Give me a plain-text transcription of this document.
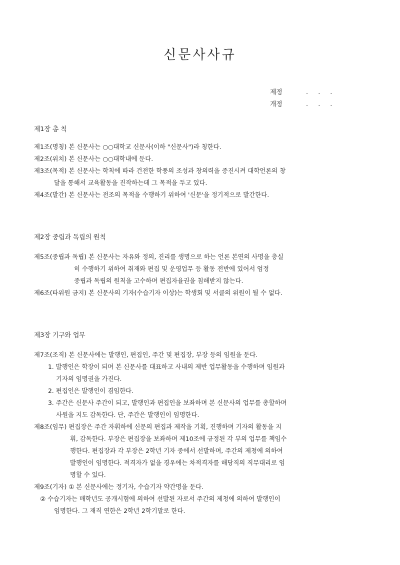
신문사사규
제정	. . .
개정	. . .
제1장 총 칙
제1조(명칭) 본 신문사는 ○○대학교 신문사(이하 "신문사")라 칭한다.
제2조(위치) 본 신문사는 ○○대학내에 둔다.
제3조(목적) 본 신문사는 학칙에 따라 건전한 학풍의 조성과 창의력을 증진시켜 대학언론의 창
달을 통해서 교육활동을 진작하는데 그 목적을 두고 있다.
제4조(발간) 본 신문사는 전조의 목적을 수행하기 위하여 '신문'을 정기적으로 발간한다.
제2장 중립과 독립의 원칙
제5조(중립과 독립) 본 신문사는 자유와 정의, 진리를 생명으로 하는 언론 본연의 사명을 충실
히 수행하기 위하여 취재와 편집 및 운영업무 등 활동 전반에 있어서 엄정
중립과 독립의 원칙을 고수하며 편집자율권을 침해받지 않는다.
제6조(타위원 금지) 본 신문사의 기자(수습기자 이상)는 학생회 및 서클의 위원이 될 수 없다.
제3장 기구와 업무
제7조(조직) 본 신문사에는 발행인, 편집인, 주간 및 편집장, 부장 등의 임원을 둔다.
1. 발행인은 학장이 되며 본 신문사를 대표하고 사내의 제반 업무활동을 수행하며 임원과
기자의 임명권을 가진다.
2. 편집인은 발행인이 겸임한다.
3. 주간은 신문사 주간이 되고, 발행인과 편집인을 보좌하며 본 신문사의 업무를 총할하며
사원을 지도 감독한다. 단, 주간은 발행인이 임명한다.
제8조(임무) 편집장은 주간 자휘하에 신문의 편집과 제작을 기획, 진행하며 기자의 활동을 지
휘, 감독한다. 부장은 편집장을 보좌하며 제10조에 규정된 각 부의 업무를 책임수
행한다. 편집장과 각 부장은 2학년 기자 중에서 선발하며, 주간의 제청에 의하여
발행인이 임명한다. 적격자가 없을 경우에는 차적격자를 해당직의 직무대리로 임
명할 수 있다.
제9조(기자) ① 본 신문사에는 정기자, 수습기자 약간명을 둔다.
② 수습기자는 매학년도 공개시험에 의하여 선발된 자로서 주간의 제청에 의하여 발행인이
임명한다. 그 재직 연한은 2학년 2학기말로 한다.
